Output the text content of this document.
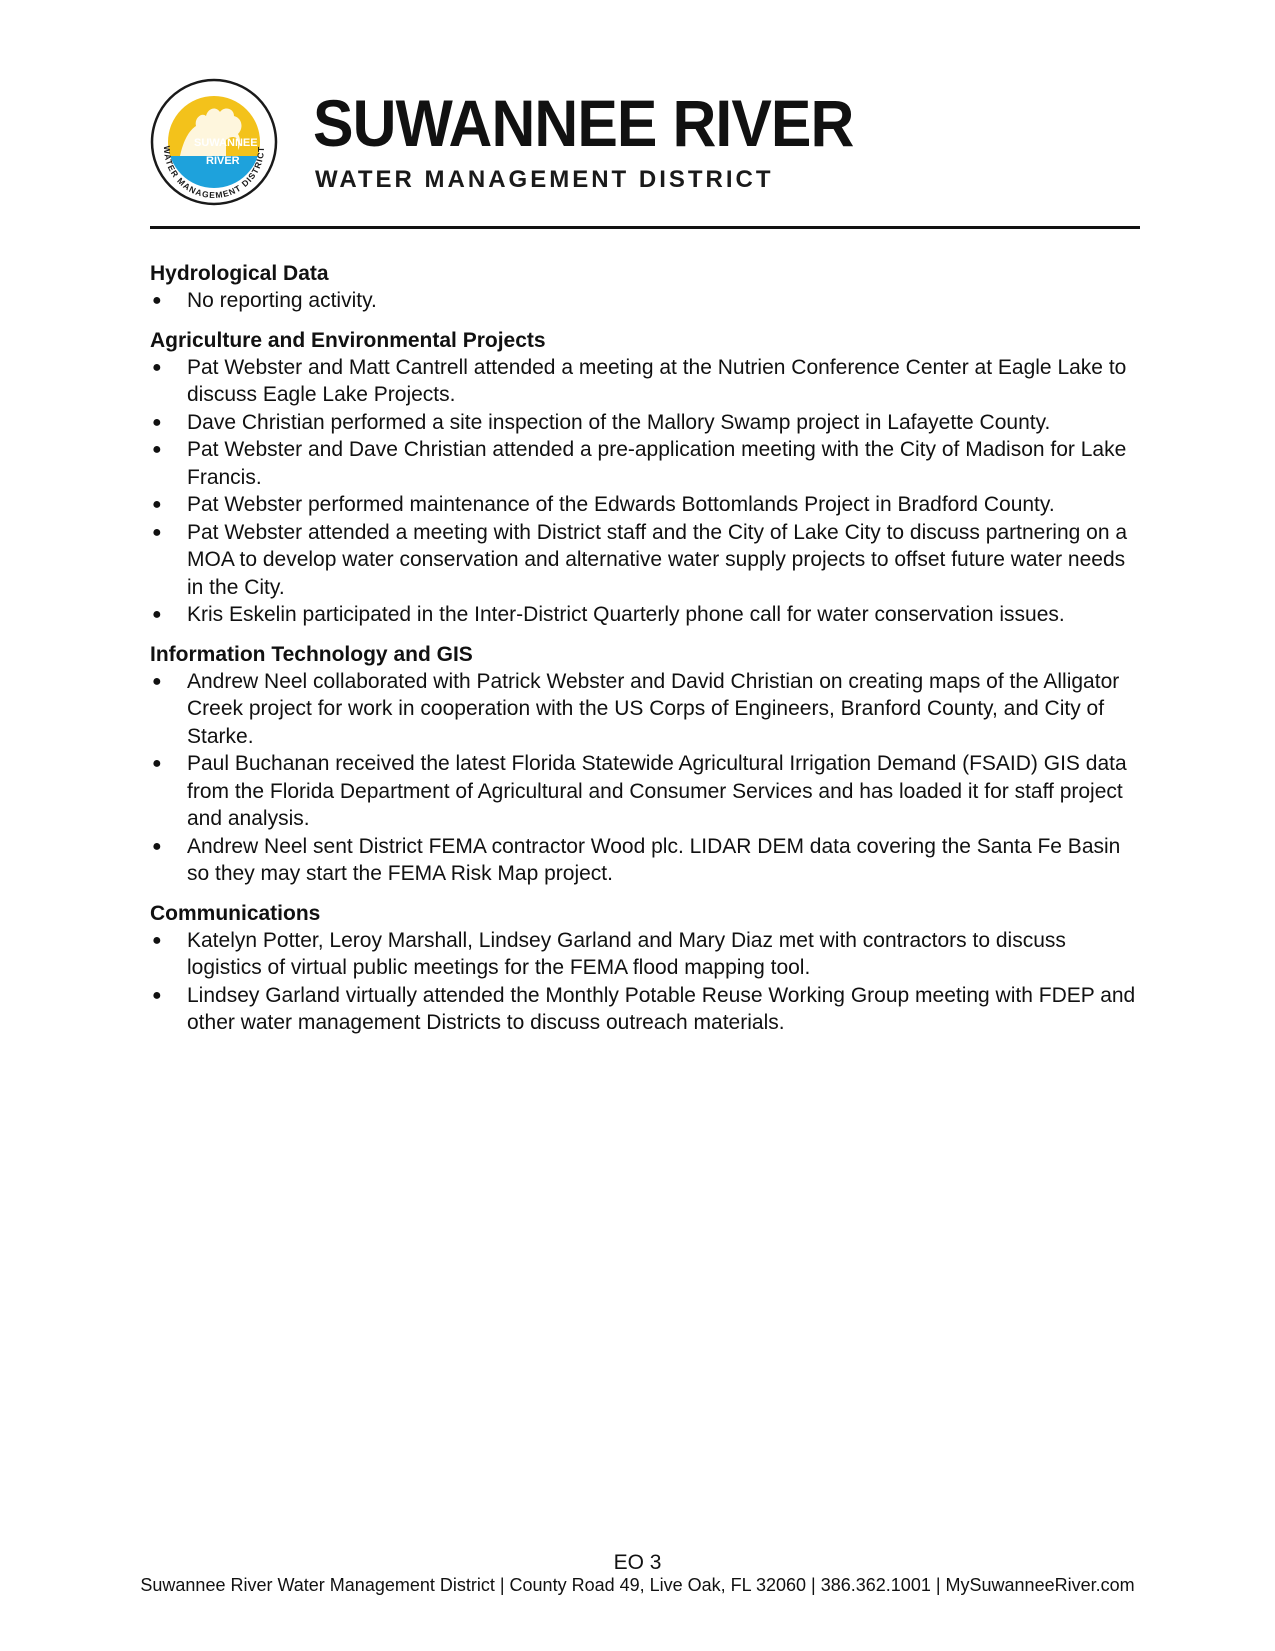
SUWANNEE
RIVER
WATER MANAGEMENT DISTRICT SUWANNEE RIVER

WATER MANAGEMENT DISTRICT

Hydrological Data
● No reporting activity.
Agriculture and Environmental Projects
● Pat Webster and Matt Cantrell attended a meeting at the Nutrien Conference Center at Eagle Lake to discuss Eagle Lake Projects.
● Dave Christian performed a site inspection of the Mallory Swamp project in Lafayette County.
● Pat Webster and Dave Christian attended a pre-application meeting with the City of Madison for Lake Francis.
● Pat Webster performed maintenance of the Edwards Bottomlands Project in Bradford County.
● Pat Webster attended a meeting with District staff and the City of Lake City to discuss partnering on a MOA to develop water conservation and alternative water supply projects to offset future water needs in the City.
● Kris Eskelin participated in the Inter-District Quarterly phone call for water conservation issues.
Information Technology and GIS
● Andrew Neel collaborated with Patrick Webster and David Christian on creating maps of the Alligator Creek project for work in cooperation with the US Corps of Engineers, Branford County, and City of Starke.
● Paul Buchanan received the latest Florida Statewide Agricultural Irrigation Demand (FSAID) GIS data from the Florida Department of Agricultural and Consumer Services and has loaded it for staff project and analysis.
● Andrew Neel sent District FEMA contractor Wood plc. LIDAR DEM data covering the Santa Fe Basin so they may start the FEMA Risk Map project.
Communications
● Katelyn Potter, Leroy Marshall, Lindsey Garland and Mary Diaz met with contractors to discuss logistics of virtual public meetings for the FEMA flood mapping tool.
● Lindsey Garland virtually attended the Monthly Potable Reuse Working Group meeting with FDEP and other water management Districts to discuss outreach materials.
EO 3
Suwannee River Water Management District | County Road 49, Live Oak, FL 32060 | 386.362.1001 | MySuwanneeRiver.com
